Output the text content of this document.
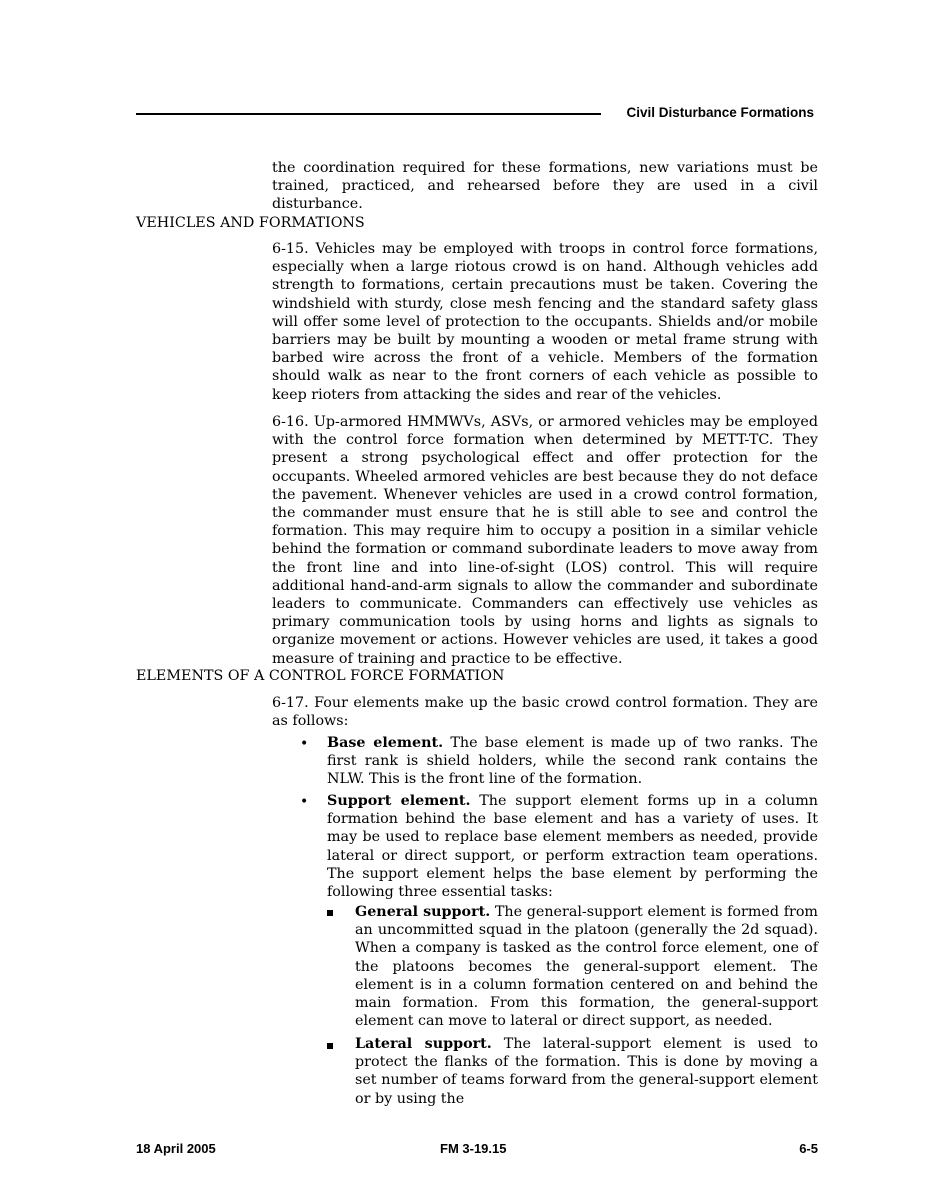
Civil Disturbance Formations

the coordination required for these formations, new variations must be trained, practiced, and rehearsed before they are used in a civil disturbance.

VEHICLES AND FORMATIONS

6-15. Vehicles may be employed with troops in control force formations, especially when a large riotous crowd is on hand. Although vehicles add strength to formations, certain precautions must be taken. Covering the windshield with sturdy, close mesh fencing and the standard safety glass will offer some level of protection to the occupants. Shields and/or mobile barriers may be built by mounting a wooden or metal frame strung with barbed wire across the front of a vehicle. Members of the formation should walk as near to the front corners of each vehicle as possible to keep rioters from attacking the sides and rear of the vehicles.

6-16. Up-armored HMMWVs, ASVs, or armored vehicles may be employed with the control force formation when determined by METT-TC. They present a strong psychological effect and offer protection for the occupants. Wheeled armored vehicles are best because they do not deface the pavement. Whenever vehicles are used in a crowd control formation, the commander must ensure that he is still able to see and control the formation. This may require him to occupy a position in a similar vehicle behind the formation or command subordinate leaders to move away from the front line and into line-of-sight (LOS) control. This will require additional hand-and-arm signals to allow the commander and subordinate leaders to communicate. Commanders can effectively use vehicles as primary communication tools by using horns and lights as signals to organize movement or actions. However vehicles are used, it takes a good measure of training and practice to be effective.

ELEMENTS OF A CONTROL FORCE FORMATION

6-17. Four elements make up the basic crowd control formation. They are as follows:

• Base element. The base element is made up of two ranks. The first rank is shield holders, while the second rank contains the NLW. This is the front line of the formation.
• Support element. The support element forms up in a column formation behind the base element and has a variety of uses. It may be used to replace base element members as needed, provide lateral or direct support, or perform extraction team operations. The support element helps the base element by performing the following three essential tasks:
General support. The general-support element is formed from an uncommitted squad in the platoon (generally the 2d squad). When a company is tasked as the control force element, one of the platoons becomes the general-support element. The element is in a column formation centered on and behind the main formation. From this formation, the general-support element can move to lateral or direct support, as needed.
Lateral support. The lateral-support element is used to protect the flanks of the formation. This is done by moving a set number of teams forward from the general-support element or by using the
18 April 2005	FM 3-19.15	6-5
